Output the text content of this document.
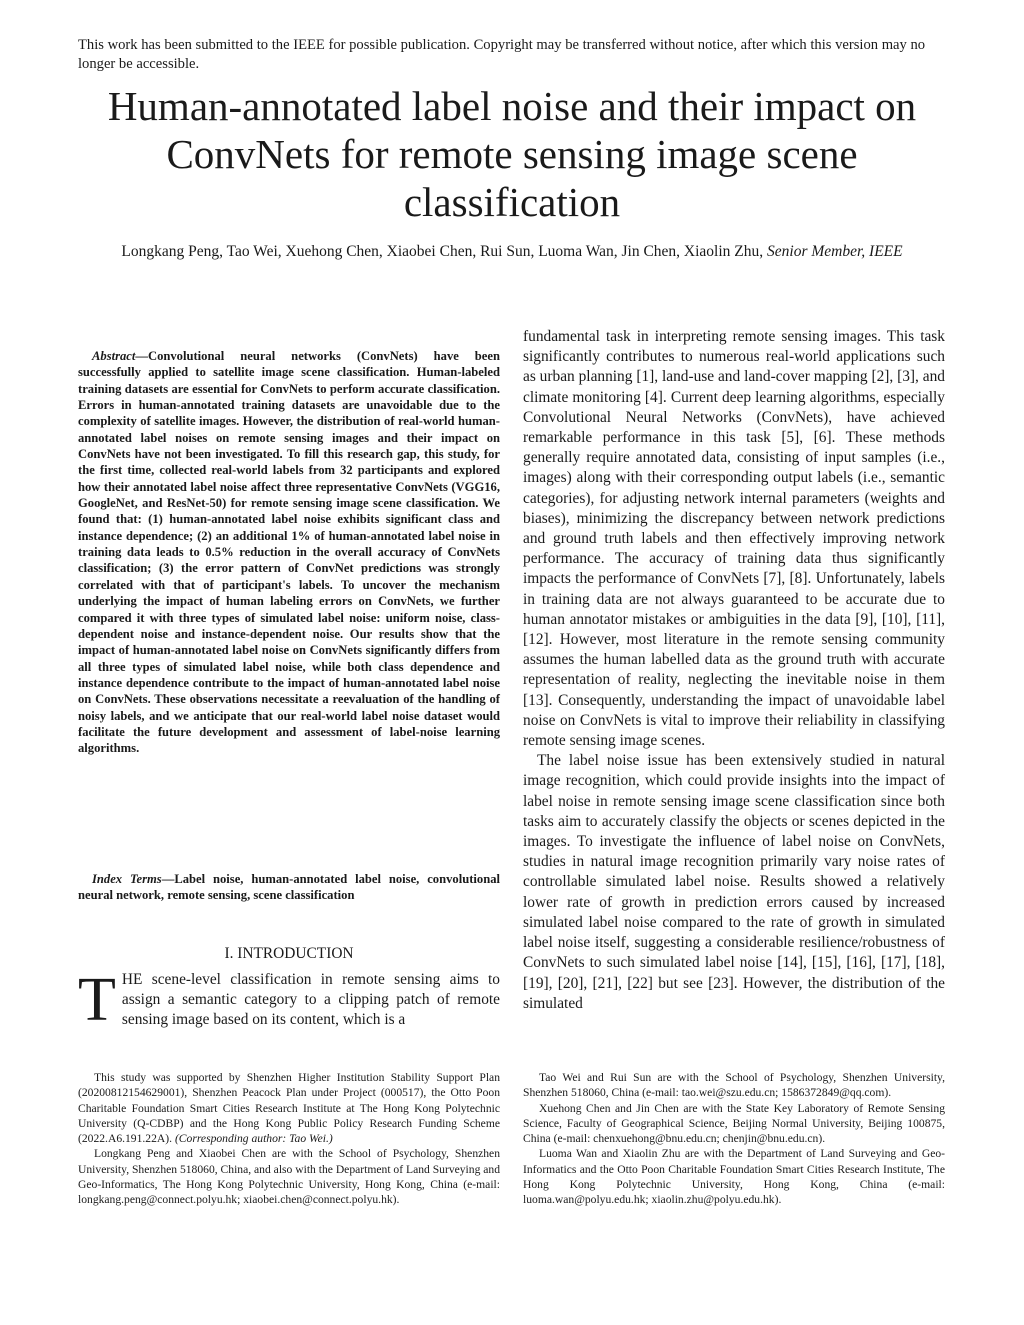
This work has been submitted to the IEEE for possible publication. Copyright may be transferred without notice, after which this version may no longer be accessible.
Human-annotated label noise and their impact on ConvNets for remote sensing image scene classification
Longkang Peng, Tao Wei, Xuehong Chen, Xiaobei Chen, Rui Sun, Luoma Wan, Jin Chen, Xiaolin Zhu, Senior Member, IEEE

Abstract—Convolutional neural networks (ConvNets) have been successfully applied to satellite image scene classification. Human-labeled training datasets are essential for ConvNets to perform accurate classification. Errors in human-annotated training datasets are unavoidable due to the complexity of satellite images. However, the distribution of real-world human-annotated label noises on remote sensing images and their impact on ConvNets have not been investigated. To fill this research gap, this study, for the first time, collected real-world labels from 32 participants and explored how their annotated label noise affect three representative ConvNets (VGG16, GoogleNet, and ResNet-50) for remote sensing image scene classification. We found that: (1) human-annotated label noise exhibits significant class and instance dependence; (2) an additional 1% of human-annotated label noise in training data leads to 0.5% reduction in the overall accuracy of ConvNets classification; (3) the error pattern of ConvNet predictions was strongly correlated with that of participant's labels. To uncover the mechanism underlying the impact of human labeling errors on ConvNets, we further compared it with three types of simulated label noise: uniform noise, class-dependent noise and instance-dependent noise. Our results show that the impact of human-annotated label noise on ConvNets significantly differs from all three types of simulated label noise, while both class dependence and instance dependence contribute to the impact of human-annotated label noise on ConvNets. These observations necessitate a reevaluation of the handling of noisy labels, and we anticipate that our real-world label noise dataset would facilitate the future development and assessment of label-noise learning algorithms.

Index Terms—Label noise, human-annotated label noise, convolutional neural network, remote sensing, scene classification

I. INTRODUCTION
THE scene-level classification in remote sensing aims to assign a semantic category to a clipping patch of remote sensing image based on its content, which is a

fundamental task in interpreting remote sensing images. This task significantly contributes to numerous real-world applications such as urban planning [1], land-use and land-cover mapping [2], [3], and climate monitoring [4]. Current deep learning algorithms, especially Convolutional Neural Networks (ConvNets), have achieved remarkable performance in this task [5], [6]. These methods generally require annotated data, consisting of input samples (i.e., images) along with their corresponding output labels (i.e., semantic categories), for adjusting network internal parameters (weights and biases), minimizing the discrepancy between network predictions and ground truth labels and then effectively improving network performance. The accuracy of training data thus significantly impacts the performance of ConvNets [7], [8]. Unfortunately, labels in training data are not always guaranteed to be accurate due to human annotator mistakes or ambiguities in the data [9], [10], [11], [12]. However, most literature in the remote sensing community assumes the human labelled data as the ground truth with accurate representation of reality, neglecting the inevitable noise in them [13]. Consequently, understanding the impact of unavoidable label noise on ConvNets is vital to improve their reliability in classifying remote sensing image scenes.

The label noise issue has been extensively studied in natural image recognition, which could provide insights into the impact of label noise in remote sensing image scene classification since both tasks aim to accurately classify the objects or scenes depicted in the images. To investigate the influence of label noise on ConvNets, studies in natural image recognition primarily vary noise rates of controllable simulated label noise. Results showed a relatively lower rate of growth in prediction errors caused by increased simulated label noise compared to the rate of growth in simulated label noise itself, suggesting a considerable resilience/robustness of ConvNets to such simulated label noise [14], [15], [16], [17], [18], [19], [20], [21], [22] but see [23]. However, the distribution of the simulated

This study was supported by Shenzhen Higher Institution Stability Support Plan (20200812154629001), Shenzhen Peacock Plan under Project (000517), the Otto Poon Charitable Foundation Smart Cities Research Institute at The Hong Kong Polytechnic University (Q-CDBP) and the Hong Kong Public Policy Research Funding Scheme (2022.A6.191.22A). (Corresponding author: Tao Wei.)

Longkang Peng and Xiaobei Chen are with the School of Psychology, Shenzhen University, Shenzhen 518060, China, and also with the Department of Land Surveying and Geo-Informatics, The Hong Kong Polytechnic University, Hong Kong, China (e-mail: longkang.peng@connect.polyu.hk; xiaobei.chen@connect.polyu.hk).

Tao Wei and Rui Sun are with the School of Psychology, Shenzhen University, Shenzhen 518060, China (e-mail: tao.wei@szu.edu.cn; 1586372849@qq.com).

Xuehong Chen and Jin Chen are with the State Key Laboratory of Remote Sensing Science, Faculty of Geographical Science, Beijing Normal University, Beijing 100875, China (e-mail: chenxuehong@bnu.edu.cn; chenjin@bnu.edu.cn).

Luoma Wan and Xiaolin Zhu are with the Department of Land Surveying and Geo-Informatics and the Otto Poon Charitable Foundation Smart Cities Research Institute, The Hong Kong Polytechnic University, Hong Kong, China (e-mail: luoma.wan@polyu.edu.hk; xiaolin.zhu@polyu.edu.hk).
